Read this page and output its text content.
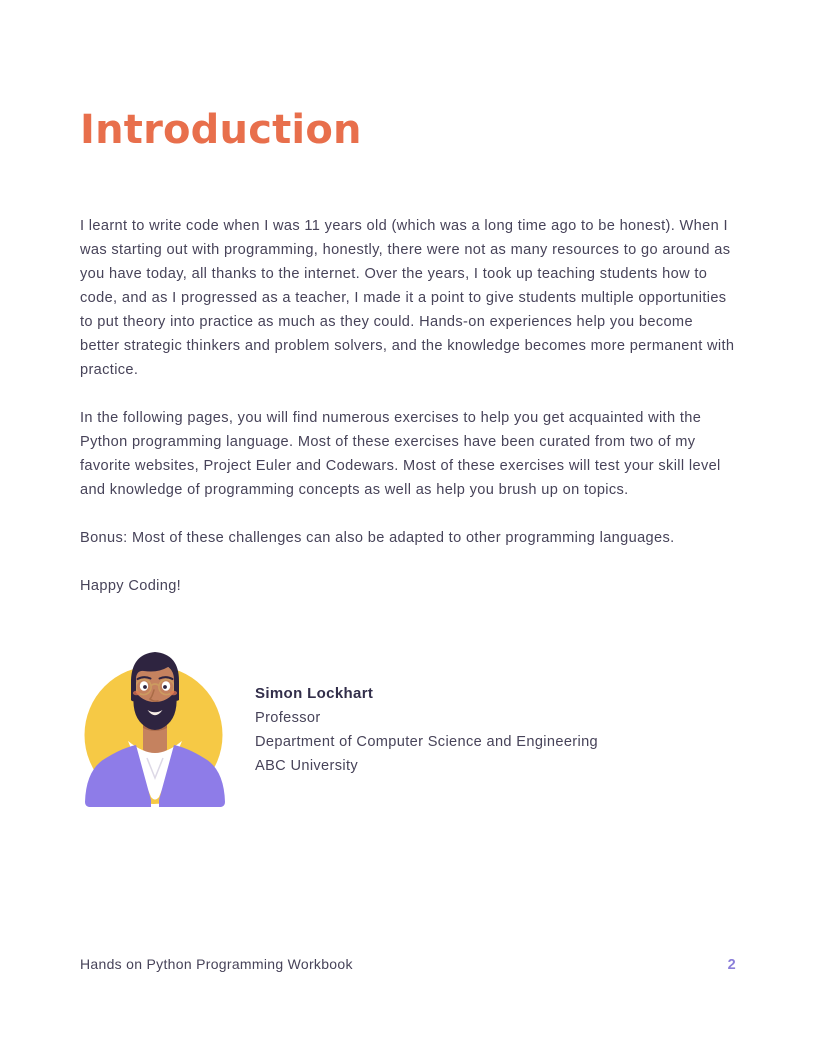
Introduction

I learnt to write code when I was 11 years old (which was a long time ago to be honest). When I was starting out with programming, honestly, there were not as many resources to go around as you have today, all thanks to the internet. Over the years, I took up teaching students how to code, and as I progressed as a teacher, I made it a point to give students multiple opportunities to put theory into practice as much as they could. Hands-on experiences help you become better strategic thinkers and problem solvers, and the knowledge becomes more permanent with practice.

In the following pages, you will find numerous exercises to help you get acquainted with the Python programming language. Most of these exercises have been curated from two of my favorite websites, Project Euler and Codewars. Most of these exercises will test your skill level and knowledge of programming concepts as well as help you brush up on topics.

Bonus: Most of these challenges can also be adapted to other programming languages.

Happy Coding!

Simon Lockhart
Professor
Department of Computer Science and Engineering
ABC University
Hands on Python Programming Workbook	2
